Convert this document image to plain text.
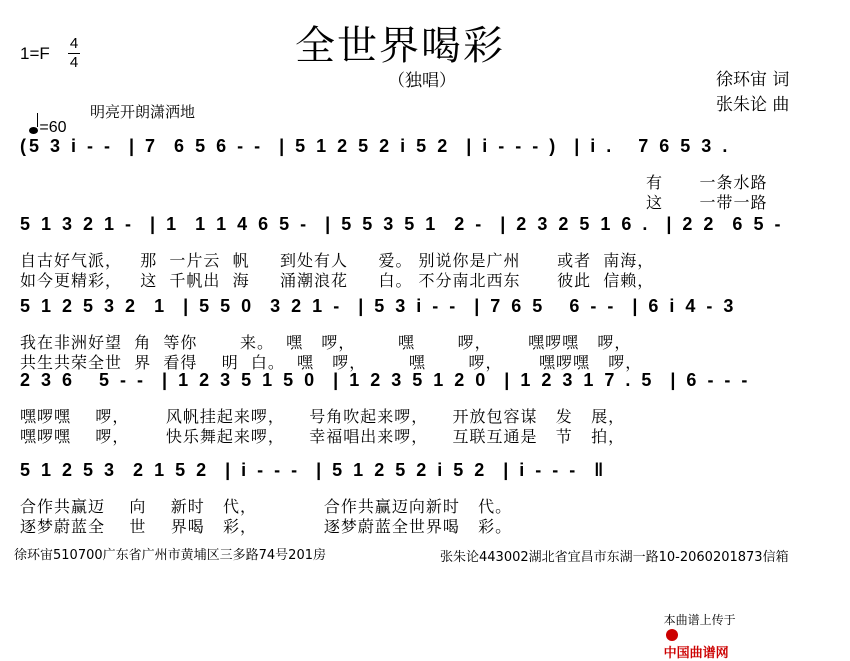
全世界喝彩
（独唱）
1=F
4
4

=60

明亮开朗潇洒地
徐环宙 词
张朱论 曲
(5 3 i - -  | 7  6 5 6 - -  | 5 1 2 5 2 i 5 2  | i - - - )  | i .   7 6 5 3 .
有      一条水路
这      一带一路
5 1 3 2 1 -  | 1  1 1 4 6 5 -  | 5 5 3 5 1  2 -  | 2 3 2 5 1 6 .  | 2 2  6 5 -
自古好气派，   那  一片云  帆     到处有人     爱。 别说你是广州      或者  南海，
如今更精彩，   这  千帆出  海     涌潮浪花     白。 不分南北西东      彼此  信赖，
5 1 2 5 3 2  1  | 5 5 0  3 2 1 -  | 5 3 i - -  | 7 6 5   6 - -  | 6 i 4 - 3
我在非洲好望  角  等你       来。  嘿   啰，       嘿       啰，      嘿啰嘿   啰，
共生共荣全世  界  看得    明  白。  嘿   啰，       嘿       啰，      嘿啰嘿   啰，
2 3 6   5 - -  | 1 2 3 5 1 5 0  | 1 2 3 5 1 2 0  | 1 2 3 1 7 . 5  | 6 - - -
嘿啰嘿    啰，      风帆挂起来啰，    号角吹起来啰，    开放包容谋   发   展，
嘿啰嘿    啰，      快乐舞起来啰，    幸福唱出来啰，    互联互通是   节   拍，
5 1 2 5 3  2 1 5 2  | i - - -  | 5 1 2 5 2 i 5 2  | i - - -  ‖
合作共赢迈    向    新时   代，           合作共赢迈向新时   代。
逐梦蔚蓝全    世    界喝   彩，           逐梦蔚蓝全世界喝   彩。
徐环宙510700广东省广州市黄埔区三多路74号201房	张朱论443002湖北省宜昌市东湖一路10-2060201873信箱

本曲谱上传于

中国曲谱网
